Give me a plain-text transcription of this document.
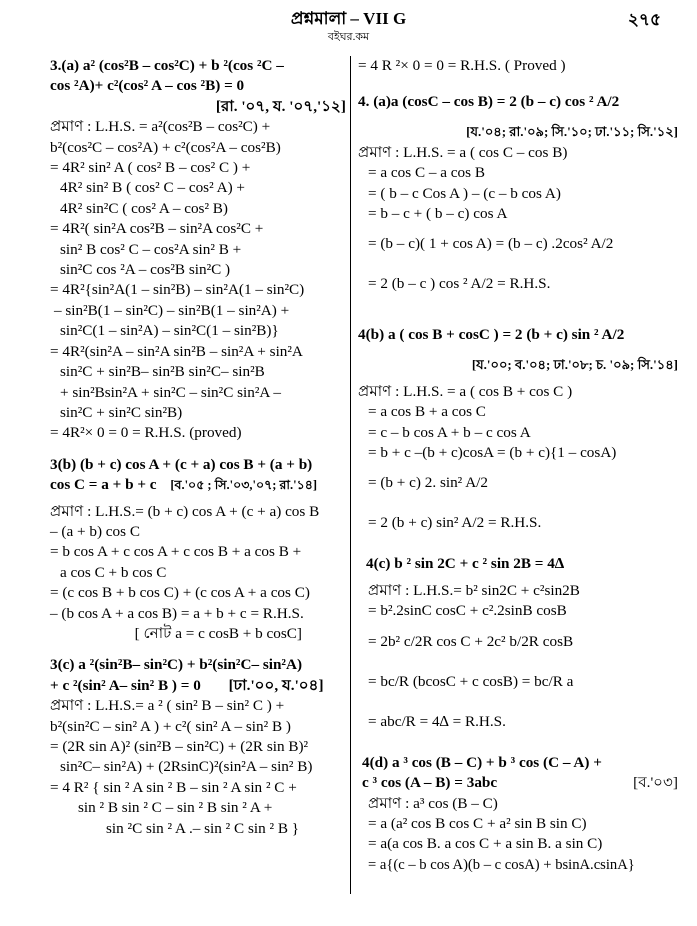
প্রশ্নমালা – VII G	২৭৫
বইঘর.কম
3.(a) a² (cos²B – cos²C) + b ²(cos ²C –
cos ²A)+ c²(cos² A – cos ²B) = 0
[রা. '০৭, য. '০৭,'১২]
প্রমাণ : L.H.S. = a²(cos²B – cos²C) +
b²(cos²C – cos²A) + c²(cos²A – cos²B)
= 4R² sin² A ( cos² B – cos² C ) +
4R² sin² B ( cos² C – cos² A) +
4R² sin²C ( cos² A – cos² B)
= 4R²( sin²A cos²B – sin²A cos²C +
sin² B cos² C – cos²A sin² B +
sin²C cos ²A – cos²B sin²C )
= 4R²{sin²A(1 – sin²B) – sin²A(1 – sin²C)
– sin²B(1 – sin²C) – sin²B(1 – sin²A) +
sin²C(1 – sin²A) – sin²C(1 – sin²B)}
= 4R²(sin²A – sin²A sin²B – sin²A + sin²A
sin²C + sin²B– sin²B sin²C– sin²B
+ sin²Bsin²A + sin²C – sin²C sin²A –
sin²C + sin²C sin²B)
= 4R²× 0 = 0 = R.H.S. (proved)
3(b) (b + c) cos A + (c + a) cos B + (a + b)
cos C = a + b + c [ব.'০৫ ; সি.'০৩,'০৭; রা.'১৪]
প্রমাণ : L.H.S.= (b + c) cos A + (c + a) cos B
– (a + b) cos C
= b cos A + c cos A + c cos B + a cos B +
a cos C + b cos C
= (c cos B + b cos C) + (c cos A + a cos C)
– (b cos A + a cos B) = a + b + c = R.H.S.
[ নোট a = c cosB + b cosC]
3(c) a ²(sin²B– sin²C) + b²(sin²C– sin²A)
+ c ²(sin² A– sin² B ) = 0 [ঢা.'০০, য.'০৪]
প্রমাণ : L.H.S.= a ² ( sin² B – sin² C ) +
b²(sin²C – sin² A ) + c²( sin² A – sin² B )
= (2R sin A)² (sin²B – sin²C) + (2R sin B)²
sin²C– sin²A) + (2RsinC)²(sin²A – sin² B)
= 4 R² { sin ² A sin ² B – sin ² A sin ² C +
sin ² B sin ² C – sin ² B sin ² A +
sin ²C sin ² A .– sin ² C sin ² B }
= 4 R ²× 0 = 0 = R.H.S. ( Proved )
4. (a)a (cosC – cos B) = 2 (b – c) cos ² A/2
[য.'০৪; রা.'০৯; সি.'১০; ঢা.'১১; সি.'১২]
প্রমাণ : L.H.S. = a ( cos C – cos B)
= a cos C – a cos B
= ( b – c Cos A ) – (c – b cos A)
= b – c + ( b – c) cos A
= (b – c)( 1 + cos A) = (b – c) .2cos² A/2
= 2 (b – c ) cos ² A/2 = R.H.S.
4(b) a ( cos B + cosC ) = 2 (b + c) sin ² A/2
[য.'০০; ব.'০৪; ঢা.'০৮; চ. '০৯; সি.'১৪]
প্রমাণ : L.H.S. = a ( cos B + cos C )
= a cos B + a cos C
= c – b cos A + b – c cos A
= b + c –(b + c)cosA = (b + c){1 – cosA)
= (b + c) 2. sin² A/2
= 2 (b + c) sin² A/2 = R.H.S.
4(c) b ² sin 2C + c ² sin 2B = 4∆
প্রমাণ : L.H.S.= b² sin2C + c²sin2B
= b².2sinC cosC + c².2sinB cosB
= 2b² c/2R cos C + 2c² b/2R cosB
= bc/R (bcosC + c cosB) = bc/R a
= abc/R = 4∆ = R.H.S.
4(d) a ³ cos (B – C) + b ³ cos (C – A) +
c ³ cos (A – B) = 3abc	[ব.'০৩]
প্রমাণ : a³ cos (B – C)
= a (a² cos B cos C + a² sin B sin C)
= a(a cos B. a cos C + a sin B. a sin C)
= a{(c – b cos A)(b – c cosA) + bsinA.csinA}
